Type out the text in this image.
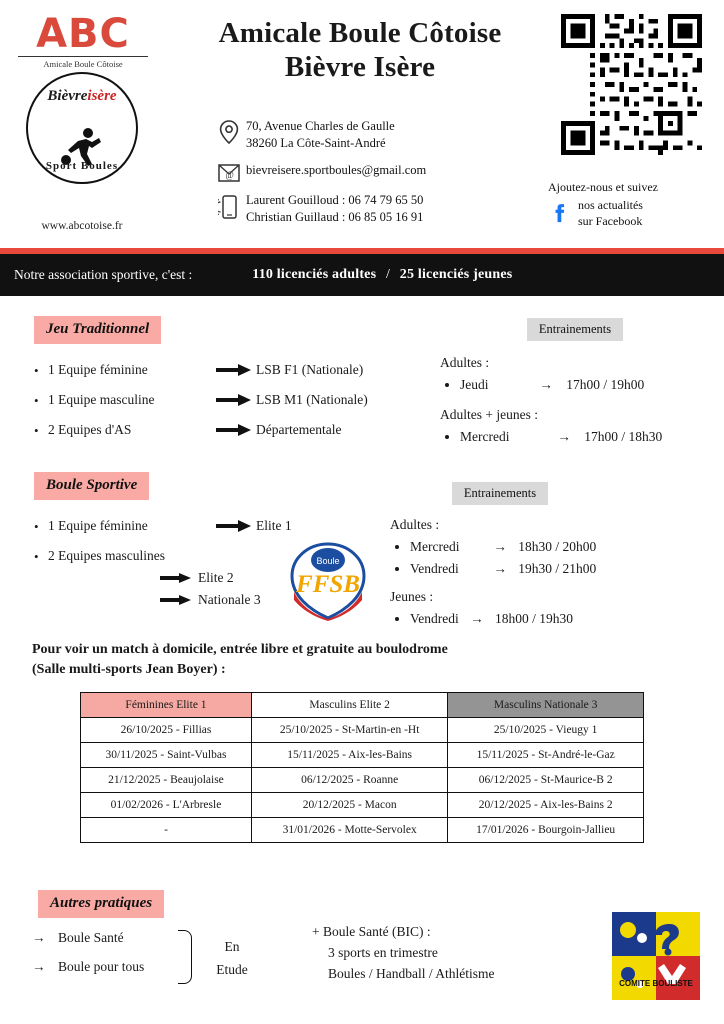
ABC
Amicale Boule Côtoise
Bièvreisère
Sport Boules
www.abcotoise.fr
Amicale Boule Côtoise
Bièvre Isère
70, Avenue Charles de Gaulle
38260 La Côte-Saint-André
@ bievreisere.sportboules@gmail.com
Laurent Gouilloud : 06 74 79 65 50
Christian Guillaud : 06 85 05 16 91
Ajoutez-nous et suivez
nos actualités
sur Facebook
Notre association sportive, c'est :	110 licenciés adultes / 25 licenciés jeunes
Jeu Traditionnel
• 1 Equipe féminine	LSB F1 (Nationale)
• 1 Equipe masculine	LSB M1 (Nationale)
• 2 Equipes d'AS	Départementale
Entrainements
Adultes :
• Jeudi	→ 17h00 / 19h00
Adultes + jeunes :
• Mercredi	→ 17h00 / 18h30
Boule Sportive
• 1 Equipe féminine	Elite 1
• 2 Equipes masculines
Elite 2
Nationale 3
Boule
FFSB
Entrainements
Adultes :
• Mercredi	→ 18h30 / 20h00
• Vendredi	→ 19h30 / 21h00
Jeunes :
• Vendredi → 18h00 / 19h30
Pour voir un match à domicile, entrée libre et gratuite au boulodrome
(Salle multi-sports Jean Boyer) :
Féminines Elite 1	Masculins Elite 2	Masculins Nationale 3
26/10/2025 - Fillias	25/10/2025 - St-Martin-en -Ht	25/10/2025 - Vieugy 1
30/11/2025 - Saint-Vulbas	15/11/2025 - Aix-les-Bains	15/11/2025 - St-André-le-Gaz
21/12/2025 - Beaujolaise	06/12/2025 - Roanne	06/12/2025 - St-Maurice-B 2
01/02/2026 - L'Arbresle	20/12/2025 - Macon	20/12/2025 - Aix-les-Bains 2
-	31/01/2026 - Motte-Servolex	17/01/2026 - Bourgoin-Jallieu
Autres pratiques
→ Boule Santé
→ Boule pour tous
En
Etude
+ Boule Santé (BIC) :
3 sports en trimestre
Boules / Handball / Athlétisme
COMITE BOULISTE
